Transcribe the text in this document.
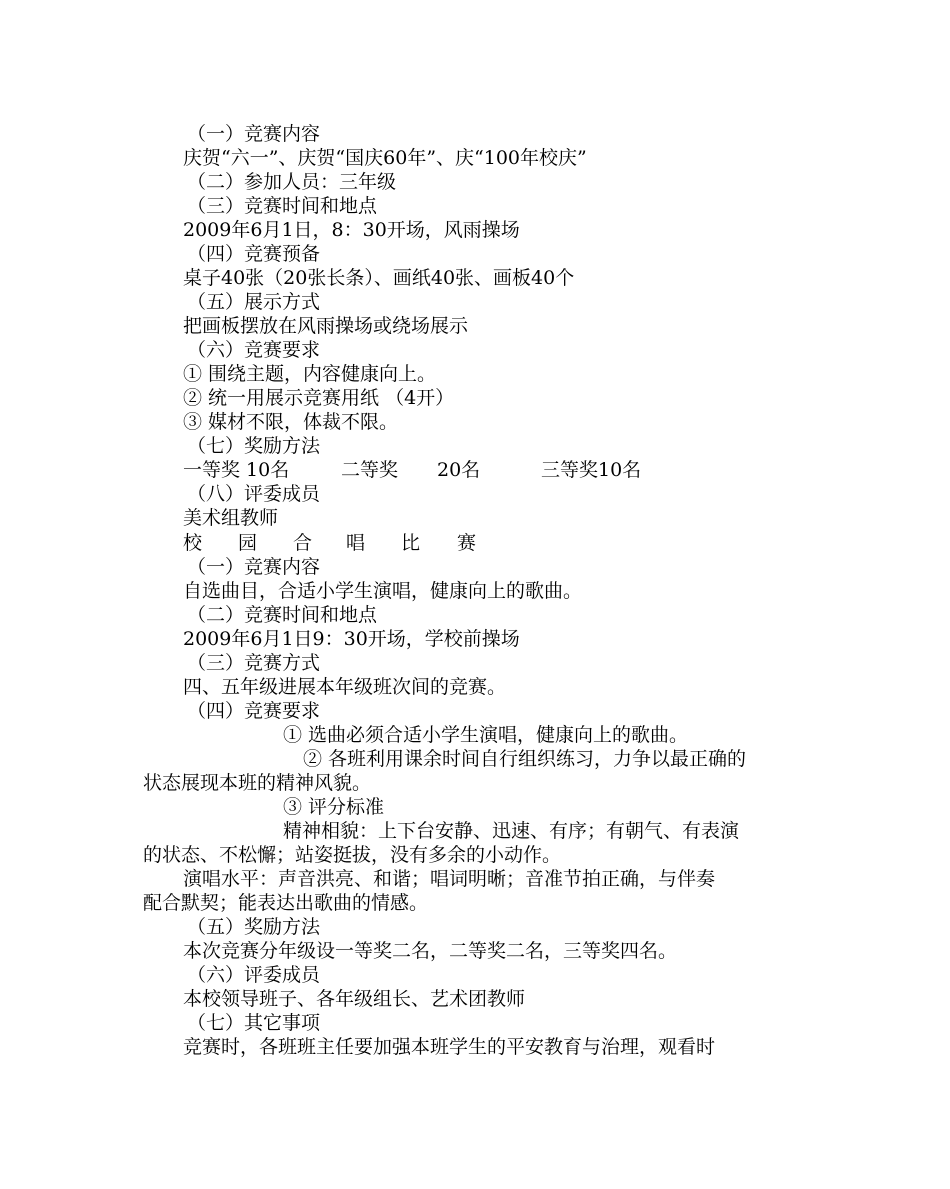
（一）竞赛内容
庆贺“六一”、庆贺“国庆60年”、庆“100年校庆”
（二）参加人员：三年级
（三）竞赛时间和地点
2009年6月1日，8：30开场，风雨操场
（四）竞赛预备
桌子40张（20张长条）、画纸40张、画板40个
（五）展示方式
把画板摆放在风雨操场或绕场展示
（六）竞赛要求
① 围绕主题，内容健康向上。
② 统一用展示竞赛用纸 （4开）
③ 媒材不限，体裁不限。
（七）奖励方法
一等奖 10名	二等奖 20名	三等奖10名
（八）评委成员
美术组教师
校 园 合 唱 比 赛
（一）竞赛内容
自选曲目，合适小学生演唱，健康向上的歌曲。
（二）竞赛时间和地点
2009年6月1日9：30开场，学校前操场
（三）竞赛方式
四、五年级进展本年级班次间的竞赛。
（四）竞赛要求
① 选曲必须合适小学生演唱，健康向上的歌曲。
② 各班利用课余时间自行组织练习，力争以最正确的
状态展现本班的精神风貌。
③ 评分标准
精神相貌：上下台安静、迅速、有序；有朝气、有表演
的状态、不松懈；站姿挺拔，没有多余的小动作。
演唱水平：声音洪亮、和谐；唱词明晰；音准节拍正确，与伴奏
配合默契；能表达出歌曲的情感。
（五）奖励方法
本次竞赛分年级设一等奖二名，二等奖二名，三等奖四名。
（六）评委成员
本校领导班子、各年级组长、艺术团教师
（七）其它事项
竞赛时，各班班主任要加强本班学生的平安教育与治理，观看时
